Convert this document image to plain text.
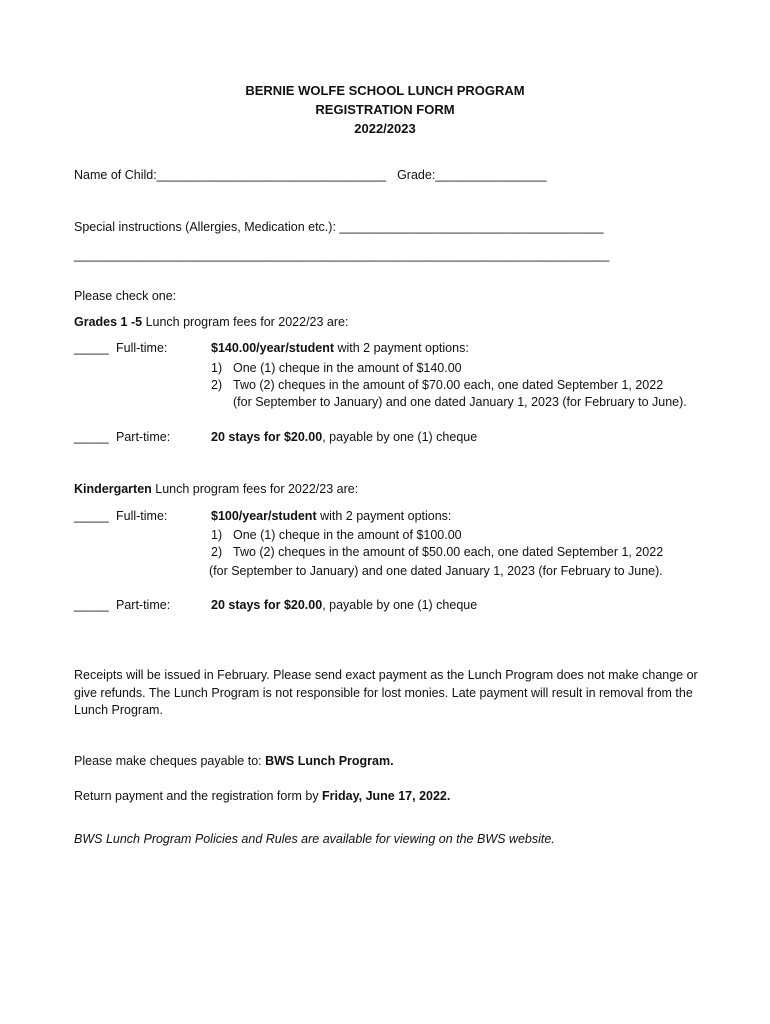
BERNIE WOLFE SCHOOL LUNCH PROGRAM
REGISTRATION FORM
2022/2023
Name of Child:_________________________________ Grade:________________
Special instructions (Allergies, Medication etc.): ______________________________________
_____________________________________________________________________________
Please check one:
Grades 1 -5 Lunch program fees for 2022/23 are:
_____ Full-time:	$140.00/year/student with 2 payment options:
1) One (1) cheque in the amount of $140.00
2) Two (2) cheques in the amount of $70.00 each, one dated September 1, 2022
(for September to January) and one dated January 1, 2023 (for February to June).
_____ Part-time:	20 stays for $20.00, payable by one (1) cheque
Kindergarten Lunch program fees for 2022/23 are:
_____ Full-time:	$100/year/student with 2 payment options:
1) One (1) cheque in the amount of $100.00
2) Two (2) cheques in the amount of $50.00 each, one dated September 1, 2022
(for September to January) and one dated January 1, 2023 (for February to June).
_____ Part-time:	20 stays for $20.00, payable by one (1) cheque
Receipts will be issued in February. Please send exact payment as the Lunch Program does not make change or give refunds. The Lunch Program is not responsible for lost monies. Late payment will result in removal from the Lunch Program.
Please make cheques payable to: BWS Lunch Program.
Return payment and the registration form by Friday, June 17, 2022.
BWS Lunch Program Policies and Rules are available for viewing on the BWS website.
